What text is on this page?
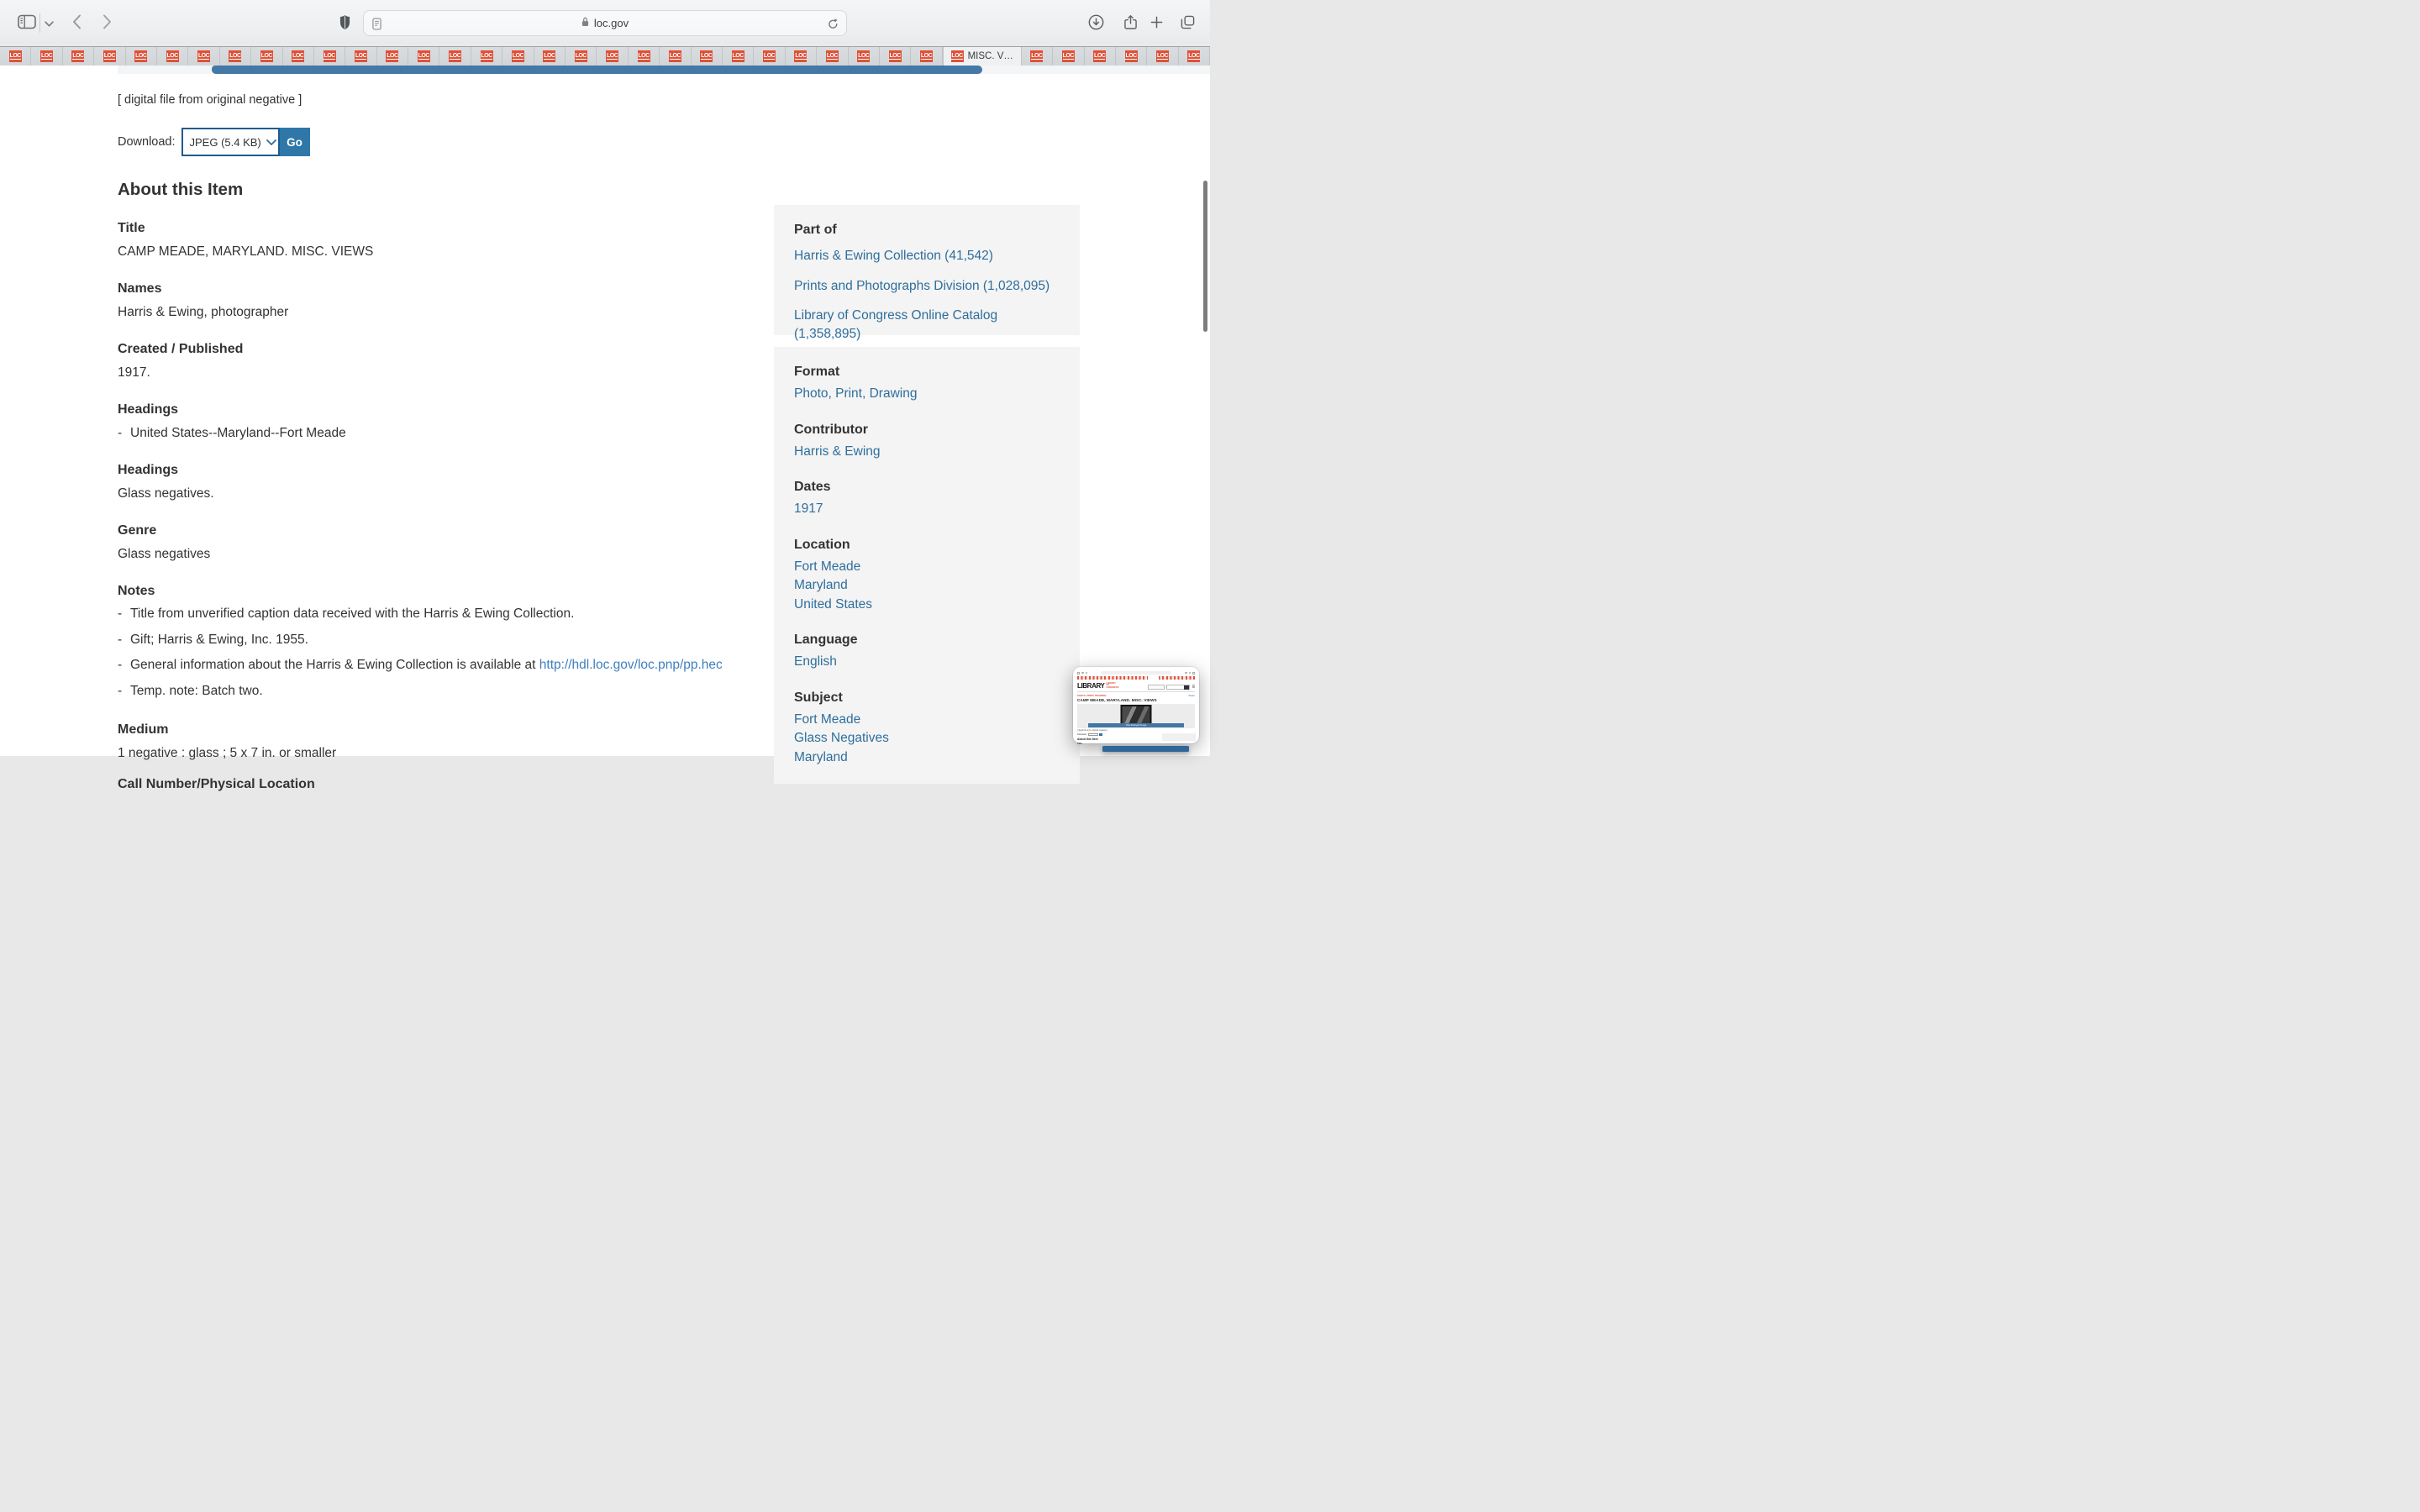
loc.gov
LOC	LOC	LOC	LOC	LOC	LOC	LOC	LOC	LOC	LOC	LOC	LOC	LOC	LOC	LOC	LOC	LOC	LOC	LOC	LOC	LOC	LOC	LOC	LOC	LOC	LOC	LOC	LOC	LOC	LOC	LOC MISC. V…	LOC	LOC	LOC	LOC	LOC	LOC

[ digital file from original negative ]

Download: JPEG (5.4 KB)	Go
About this Item
Title

CAMP MEADE, MARYLAND. MISC. VIEWS

Names

Harris & Ewing, photographer

Created / Published

1917.

Headings

- United States--Maryland--Fort Meade

Headings

Glass negatives.

Genre

Glass negatives

Notes

- Title from unverified caption data received with the Harris & Ewing Collection.

- Gift; Harris & Ewing, Inc. 1955.

- General information about the Harris & Ewing Collection is available at http://hdl.loc.gov/loc.pnp/pp.hec

- Temp. note: Batch two.

Medium

1 negative : glass ; 5 x 7 in. or smaller

Call Number/Physical Location
Part of
Harris & Ewing Collection (41,542)
Prints and Photographs Division (1,028,095)
Library of Congress Online Catalog (1,358,895)
Format
Photo, Print, Drawing
Contributor
Harris & Ewing
Dates
1917
Location
Fort Meade
Maryland
United States
Language
English
Subject
Fort Meade
Glass Negatives
Maryland
LIBRARY LIBRARY OF CONGRESS	≡
PHOTO, PRINT, DRAWING	Share
CAMP MEADE, MARYLAND. MISC. VIEWS
View Enlarged Image
[ digital file from original negative ]
Download:
About this Item
Title
